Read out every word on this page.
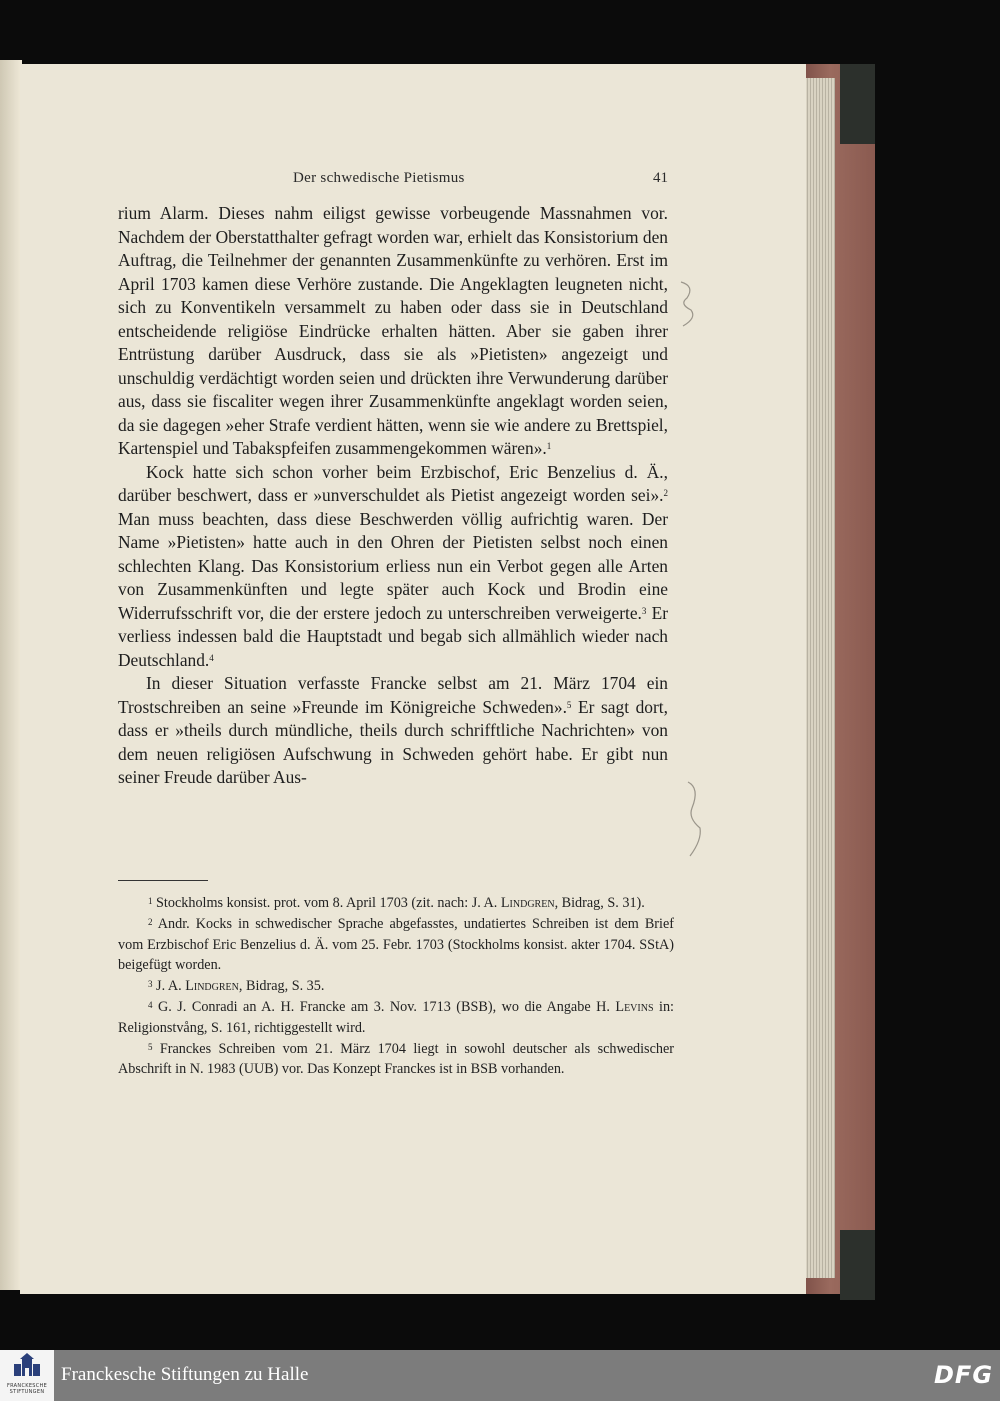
Der schwedische Pietismus	41

rium Alarm. Dieses nahm eiligst gewisse vorbeugende Massnahmen vor. Nachdem der Oberstatthalter gefragt worden war, erhielt das Konsistorium den Auftrag, die Teilnehmer der genannten Zusammenkünfte zu verhören. Erst im April 1703 kamen diese Verhöre zustande. Die Angeklagten leugneten nicht, sich zu Konventikeln versammelt zu haben oder dass sie in Deutschland entscheidende religiöse Eindrücke erhalten hätten. Aber sie gaben ihrer Entrüstung darüber Ausdruck, dass sie als »Pietisten» angezeigt und unschuldig verdächtigt worden seien und drückten ihre Verwunderung darüber aus, dass sie fiscaliter wegen ihrer Zusammenkünfte angeklagt worden seien, da sie dagegen »eher Strafe verdient hätten, wenn sie wie andere zu Brettspiel, Kartenspiel und Tabakspfeifen zusammengekommen wären».$^1$

Kock hatte sich schon vorher beim Erzbischof, Eric Benzelius d. Ä., darüber beschwert, dass er »unverschuldet als Pietist angezeigt worden sei».$^2$ Man muss beachten, dass diese Beschwerden völlig aufrichtig waren. Der Name »Pietisten» hatte auch in den Ohren der Pietisten selbst noch einen schlechten Klang. Das Konsistorium erliess nun ein Verbot gegen alle Arten von Zusammenkünften und legte später auch Kock und Brodin eine Widerrufsschrift vor, die der erstere jedoch zu unterschreiben verweigerte.$^3$ Er verliess indessen bald die Hauptstadt und begab sich allmählich wieder nach Deutschland.$^4$

In dieser Situation verfasste Francke selbst am 21. März 1704 ein Trostschreiben an seine »Freunde im Königreiche Schweden».$^5$ Er sagt dort, dass er »theils durch mündliche, theils durch schrifftliche Nachrichten» von dem neuen religiösen Aufschwung in Schweden gehört habe. Er gibt nun seiner Freude darüber Aus-

$^1$ Stockholms konsist. prot. vom 8. April 1703 (zit. nach: J. A. Lindgren, Bidrag, S. 31).

$^2$ Andr. Kocks in schwedischer Sprache abgefasstes, undatiertes Schreiben ist dem Brief vom Erzbischof Eric Benzelius d. Ä. vom 25. Febr. 1703 (Stockholms konsist. akter 1704. SStA) beigefügt worden.

$^3$ J. A. Lindgren, Bidrag, S. 35.

$^4$ G. J. Conradi an A. H. Francke am 3. Nov. 1713 (BSB), wo die Angabe H. Levins in: Religionstvång, S. 161, richtiggestellt wird.

$^5$ Franckes Schreiben vom 21. März 1704 liegt in sowohl deutscher als schwedischer Abschrift in N. 1983 (UUB) vor. Das Konzept Franckes ist in BSB vorhanden.

FRANCKESCHE STIFTUNGEN
Franckesche Stiftungen zu Halle	DFG
